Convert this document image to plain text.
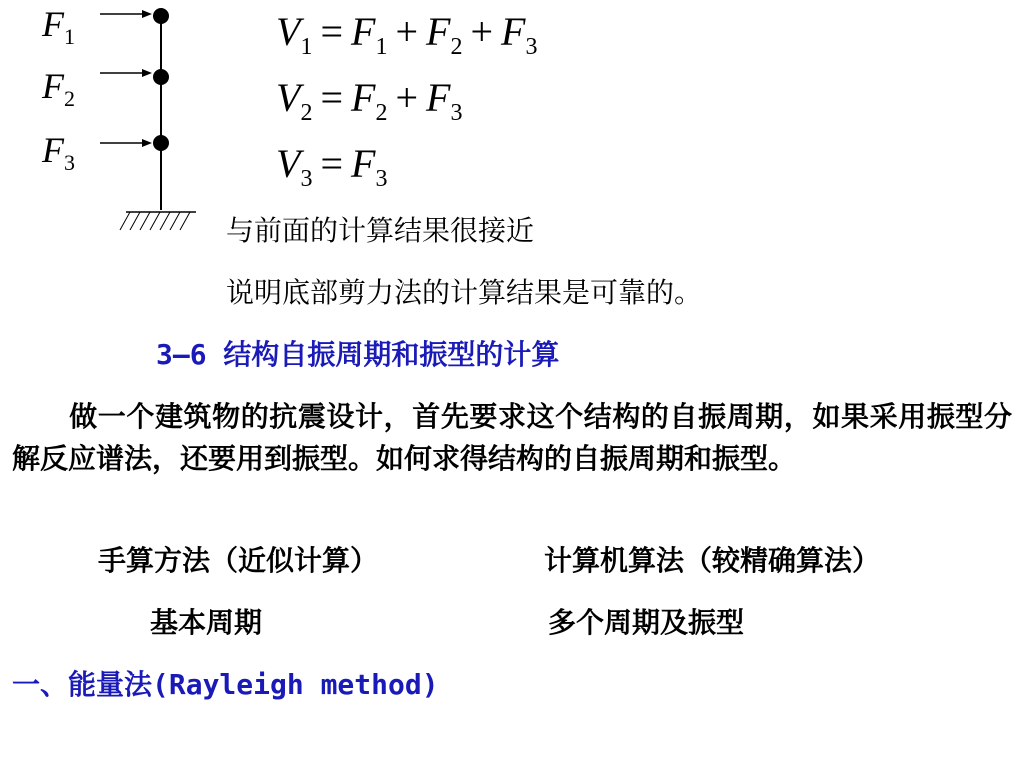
$F_1$
$F_2$
$F_3$
$V_1 = F_1 + F_2 + F_3$
$V_2 = F_2 + F_3$
$V_3 = F_3$
与前面的计算结果很接近
说明底部剪力法的计算结果是可靠的。
3—6 结构自振周期和振型的计算
　　做一个建筑物的抗震设计，首先要求这个结构的自振周期，如果采用振型分解反应谱法，还要用到振型。如何求得结构的自振周期和振型。
手算方法（近似计算）	计算机算法（较精确算法）
基本周期	多个周期及振型
一、能量法(Rayleigh method)
